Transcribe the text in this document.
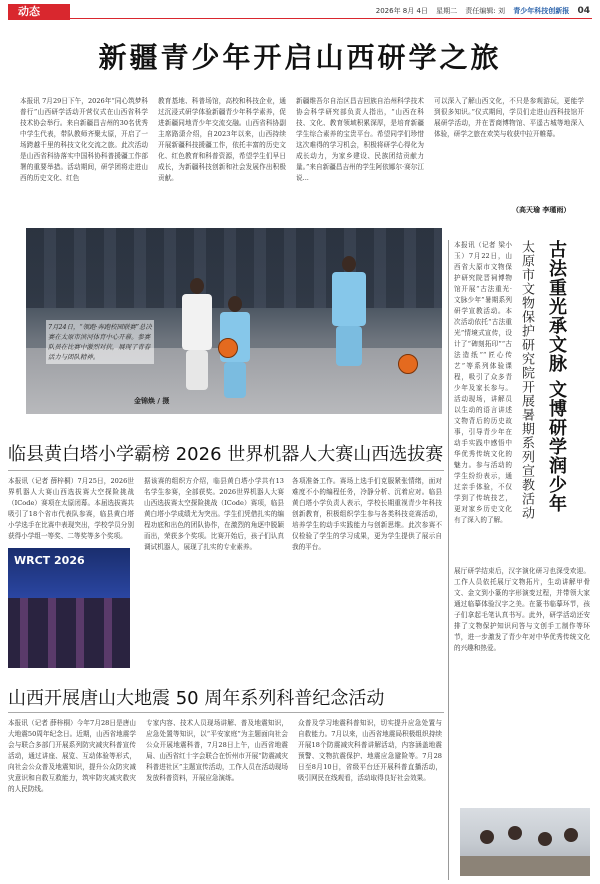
动态	2026年 8月 4日 星期二 责任编辑: 刘 青少年科技创新报 04
新疆青少年开启山西研学之旅
本报讯 7月29日下午，2026年“同心筑梦科普行”山西研学活动开营仪式在山西省科学技术协会举行。来自新疆昌吉州的30名优秀中学生代表，带队教师齐聚太原，开启了一场跨越千里的科技文化交流之旅。此次活动是山西省科协落实中国科协科普援疆工作部署的重要举措。活动期间，研学团将走进山西的历史文化、红色
教育基地、科普场馆，高校和科技企业，通过沉浸式研学体验新疆青少年科学素养，促进新疆同地青少年交流交融。山西省科协副主席路潇介绍，自2023年以来，山西持续开展新疆科技援疆工作，依托丰富的历史文化、红色教育和科普资源，希望学生们早日成长，为新疆科技创新和社会发展作出积极贡献。
新疆维吾尔自治区昌吉回族自治州科学技术协会科学研究部负责人指出，“山西在科技、文化、教育领域积累深厚，是培育新疆学生综合素养的宝贵平台。希望同学们珍惜这次难得的学习机会，积极将研学心得化为成长动力，为家乡建设、民族团结贡献力量。”来自新疆昌吉州的学生阿依娜尔·赛尔江说...
可以深入了解山西文化，不只是参观游玩，更能学到很多知识。”仪式期间，学员们走进山西科技馆开展研学活动，并在晋商博物馆、平遥古城等地深入体验，研学之旅在欢笑与收获中拉开帷幕。
（高天瑜 李瑾雨）
7月24日，“领跑·奔跑校园联赛”总决赛在太原市滨河体育中心开幕。参赛队员在比赛中激烈对抗，展现了青春活力与团队精神。
金锦焕 / 摄	古法重光承文脉 文博研学润少年
太原市文物保护研究院开展暑期系列宣教活动
本报讯（记者 梁小玉）7月22日，山西省大原市文物保护研究院晋祠博物馆开展“古法重光·文脉少年”暑期系列研学宣教活动。本次活动依托“古法重光”情境式宣传，设计了“碑刻拓印”“古法造纸”“匠心传艺”等系列体验课程，吸引了众多青少年及家长参与。活动现场，讲解员以生动的语言讲述文物背后的历史故事，引导青少年在动手实践中感悟中华优秀传统文化的魅力。参与活动的学生纷纷表示，通过亲手体验，不仅学到了传统技艺，更对家乡历史文化有了深入的了解。
展厅研学结束后，汉字演化研习也深受欢迎。工作人员依托展厅文物拓片，生动讲解甲骨文、金文到小篆的字形演变过程，并带领大家通过临摹体验汉字之美。在篆书临摹环节，孩子们拿起毛笔认真书写。此外，研学活动还安排了文物保护知识问答与文创手工制作等环节，进一步激发了青少年对中华优秀传统文化的兴趣和热爱。
临县黄白塔小学霸榜 2026 世界机器人大赛山西选拔赛
本报讯（记者 薛梓桐）7月25日，2026世界机器人大赛山西选拔赛大空探险挑战（ICode）赛项在太原闭幕。本届选拔赛共吸引了18个省市代表队参赛，临县黄白塔小学选手在比赛中表现突出，学校学员分别获得小学组一等奖、二等奖等多个奖项。
WRCT 2026
据该赛的组织方介绍，临县黄白塔小学共有13名学生参赛，全部获奖。2026世界机器人大赛山西选拔赛太空探险挑战（ICode）赛项，临县黄白塔小学成绩尤为突出。学生们凭借扎实的编程功底和出色的团队协作，在激烈的角逐中脱颖而出，荣获多个奖项。比赛开始后，孩子们认真调试机器人，展现了扎实的专业素养。
各项准备工作。赛场上选手们克服紧张情绪，面对难度不小的编程任务，冷静分析、沉着应对。临县黄白塔小学负责人表示，学校长期重视青少年科技创新教育，积极组织学生参与各类科技竞赛活动，培养学生的动手实践能力与创新思维。此次参赛不仅检验了学生的学习成果，更为学生提供了展示自我的平台。
山西开展唐山大地震 50 周年系列科普纪念活动
本报讯（记者 薛梓桐）今年7月28日是唐山大地震50周年纪念日。近期，山西省地震学会与联合多部门开展系列防灾减灾科普宣传活动，通过讲座、展览、互动体验等形式，向社会公众普及地震知识，提升公众防灾减灾意识和自救互救能力，筑牢防灾减灾救灾的人民防线。
专家内容、技术人员现场讲解、普及地震知识，应急处置等知识，以“平安家庭”为主题面向社会公众开展地震科普，7月28日上午，山西省地震局、山西省红十字会联合在忻州市开展“防震减灾科普进社区”主题宣传活动，工作人员在活动现场发放科普资料，开展应急演练。
众普及学习地震科普知识，切实提升应急处置与自救能力。7月以来，山西省地震局积极组织持续开展18个防震减灾科普讲解活动，内容涵盖地震预警、文物抗震保护、地震应急避险等。7月28日至8月10日，省级平台还开展科普直播活动，吸引网民在线观看，活动取得良好社会效果。
